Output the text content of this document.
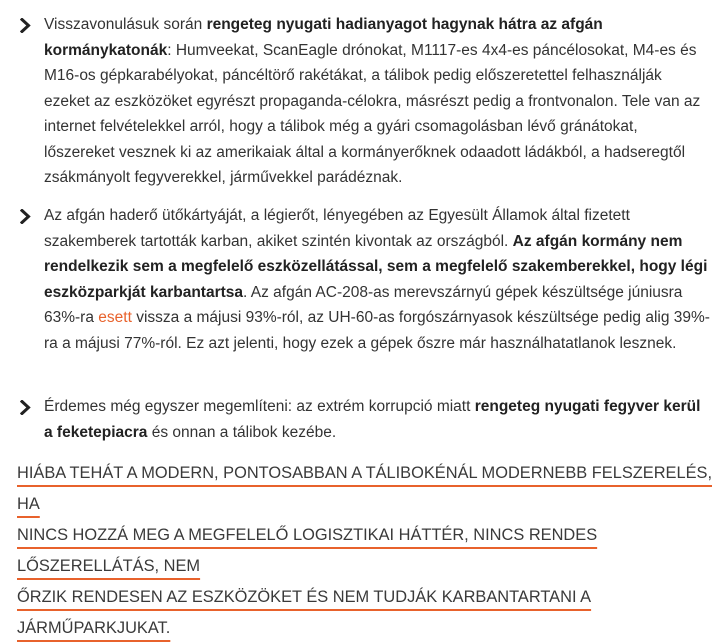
Visszavonulásuk során rengeteg nyugati hadianyagot hagynak hátra az afgán kormánykatonák: Humveekat, ScanEagle drónokat, M1117-es 4x4-es páncélosokat, M4-es és M16-os gépkarabélyokat, páncéltörő rakétákat, a tálibok pedig előszeretettel felhasználják ezeket az eszközöket egyrészt propaganda-célokra, másrészt pedig a frontvonalon. Tele van az internet felvételekkel arról, hogy a tálibok még a gyári csomagolásban lévő gránátokat, lőszereket vesznek ki az amerikaiak által a kormányerőknek odaadott ládákból, a hadseregtől zsákmányolt fegyverekkel, járművekkel parádéznak.
Az afgán haderő ütőkártyáját, a légierőt, lényegében az Egyesült Államok által fizetett szakemberek tartották karban, akiket szintén kivontak az országból. Az afgán kormány nem rendelkezik sem a megfelelő eszközellátással, sem a megfelelő szakemberekkel, hogy légi eszközparkját karbantartsa. Az afgán AC-208-as merevszárnyú gépek készültsége júniusra 63%-ra esett vissza a májusi 93%-ról, az UH-60-as forgószárnyasok készültsége pedig alig 39%-ra a májusi 77%-ról. Ez azt jelenti, hogy ezek a gépek őszre már használhatatlanok lesznek.
Érdemes még egyszer megemlíteni: az extrém korrupció miatt rengeteg nyugati fegyver kerül a feketepiacra és onnan a tálibok kezébe.
HIÁBA TEHÁT A MODERN, PONTOSABBAN A TÁLIBOKÉNÁL MODERNEBB FELSZERELÉS, HA
NINCS HOZZÁ MEG A MEGFELELŐ LOGISZTIKAI HÁTTÉR, NINCS RENDES LŐSZERELLÁTÁS, NEM
ŐRZIK RENDESEN AZ ESZKÖZÖKET ÉS NEM TUDJÁK KARBANTARTANI A JÁRMŰPARKJUKAT.
